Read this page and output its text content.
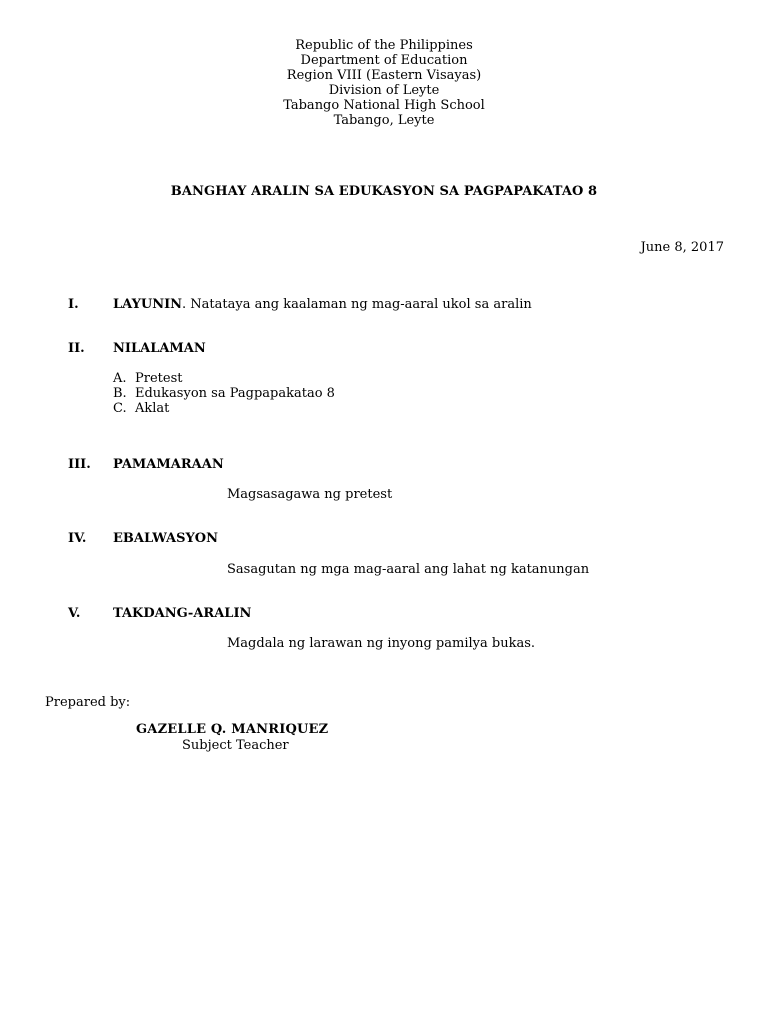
Republic of the Philippines
Department of Education
Region VIII (Eastern Visayas)
Division of Leyte
Tabango National High School
Tabango, Leyte
BANGHAY ARALIN SA EDUKASYON SA PAGPAPAKATAO 8
June 8, 2017
I.	LAYUNIN. Natataya ang kaalaman ng mag-aaral ukol sa aralin
II. NILALAMAN
A. Pretest
B. Edukasyon sa Pagpapakatao 8
C. Aklat
III. PAMAMARAAN
Magsasagawa ng pretest
IV. EBALWASYON
Sasagutan ng mga mag-aaral ang lahat ng katanungan
V.	TAKDANG-ARALIN
Magdala ng larawan ng inyong pamilya bukas.
Prepared by:
GAZELLE Q. MANRIQUEZ
Subject Teacher
